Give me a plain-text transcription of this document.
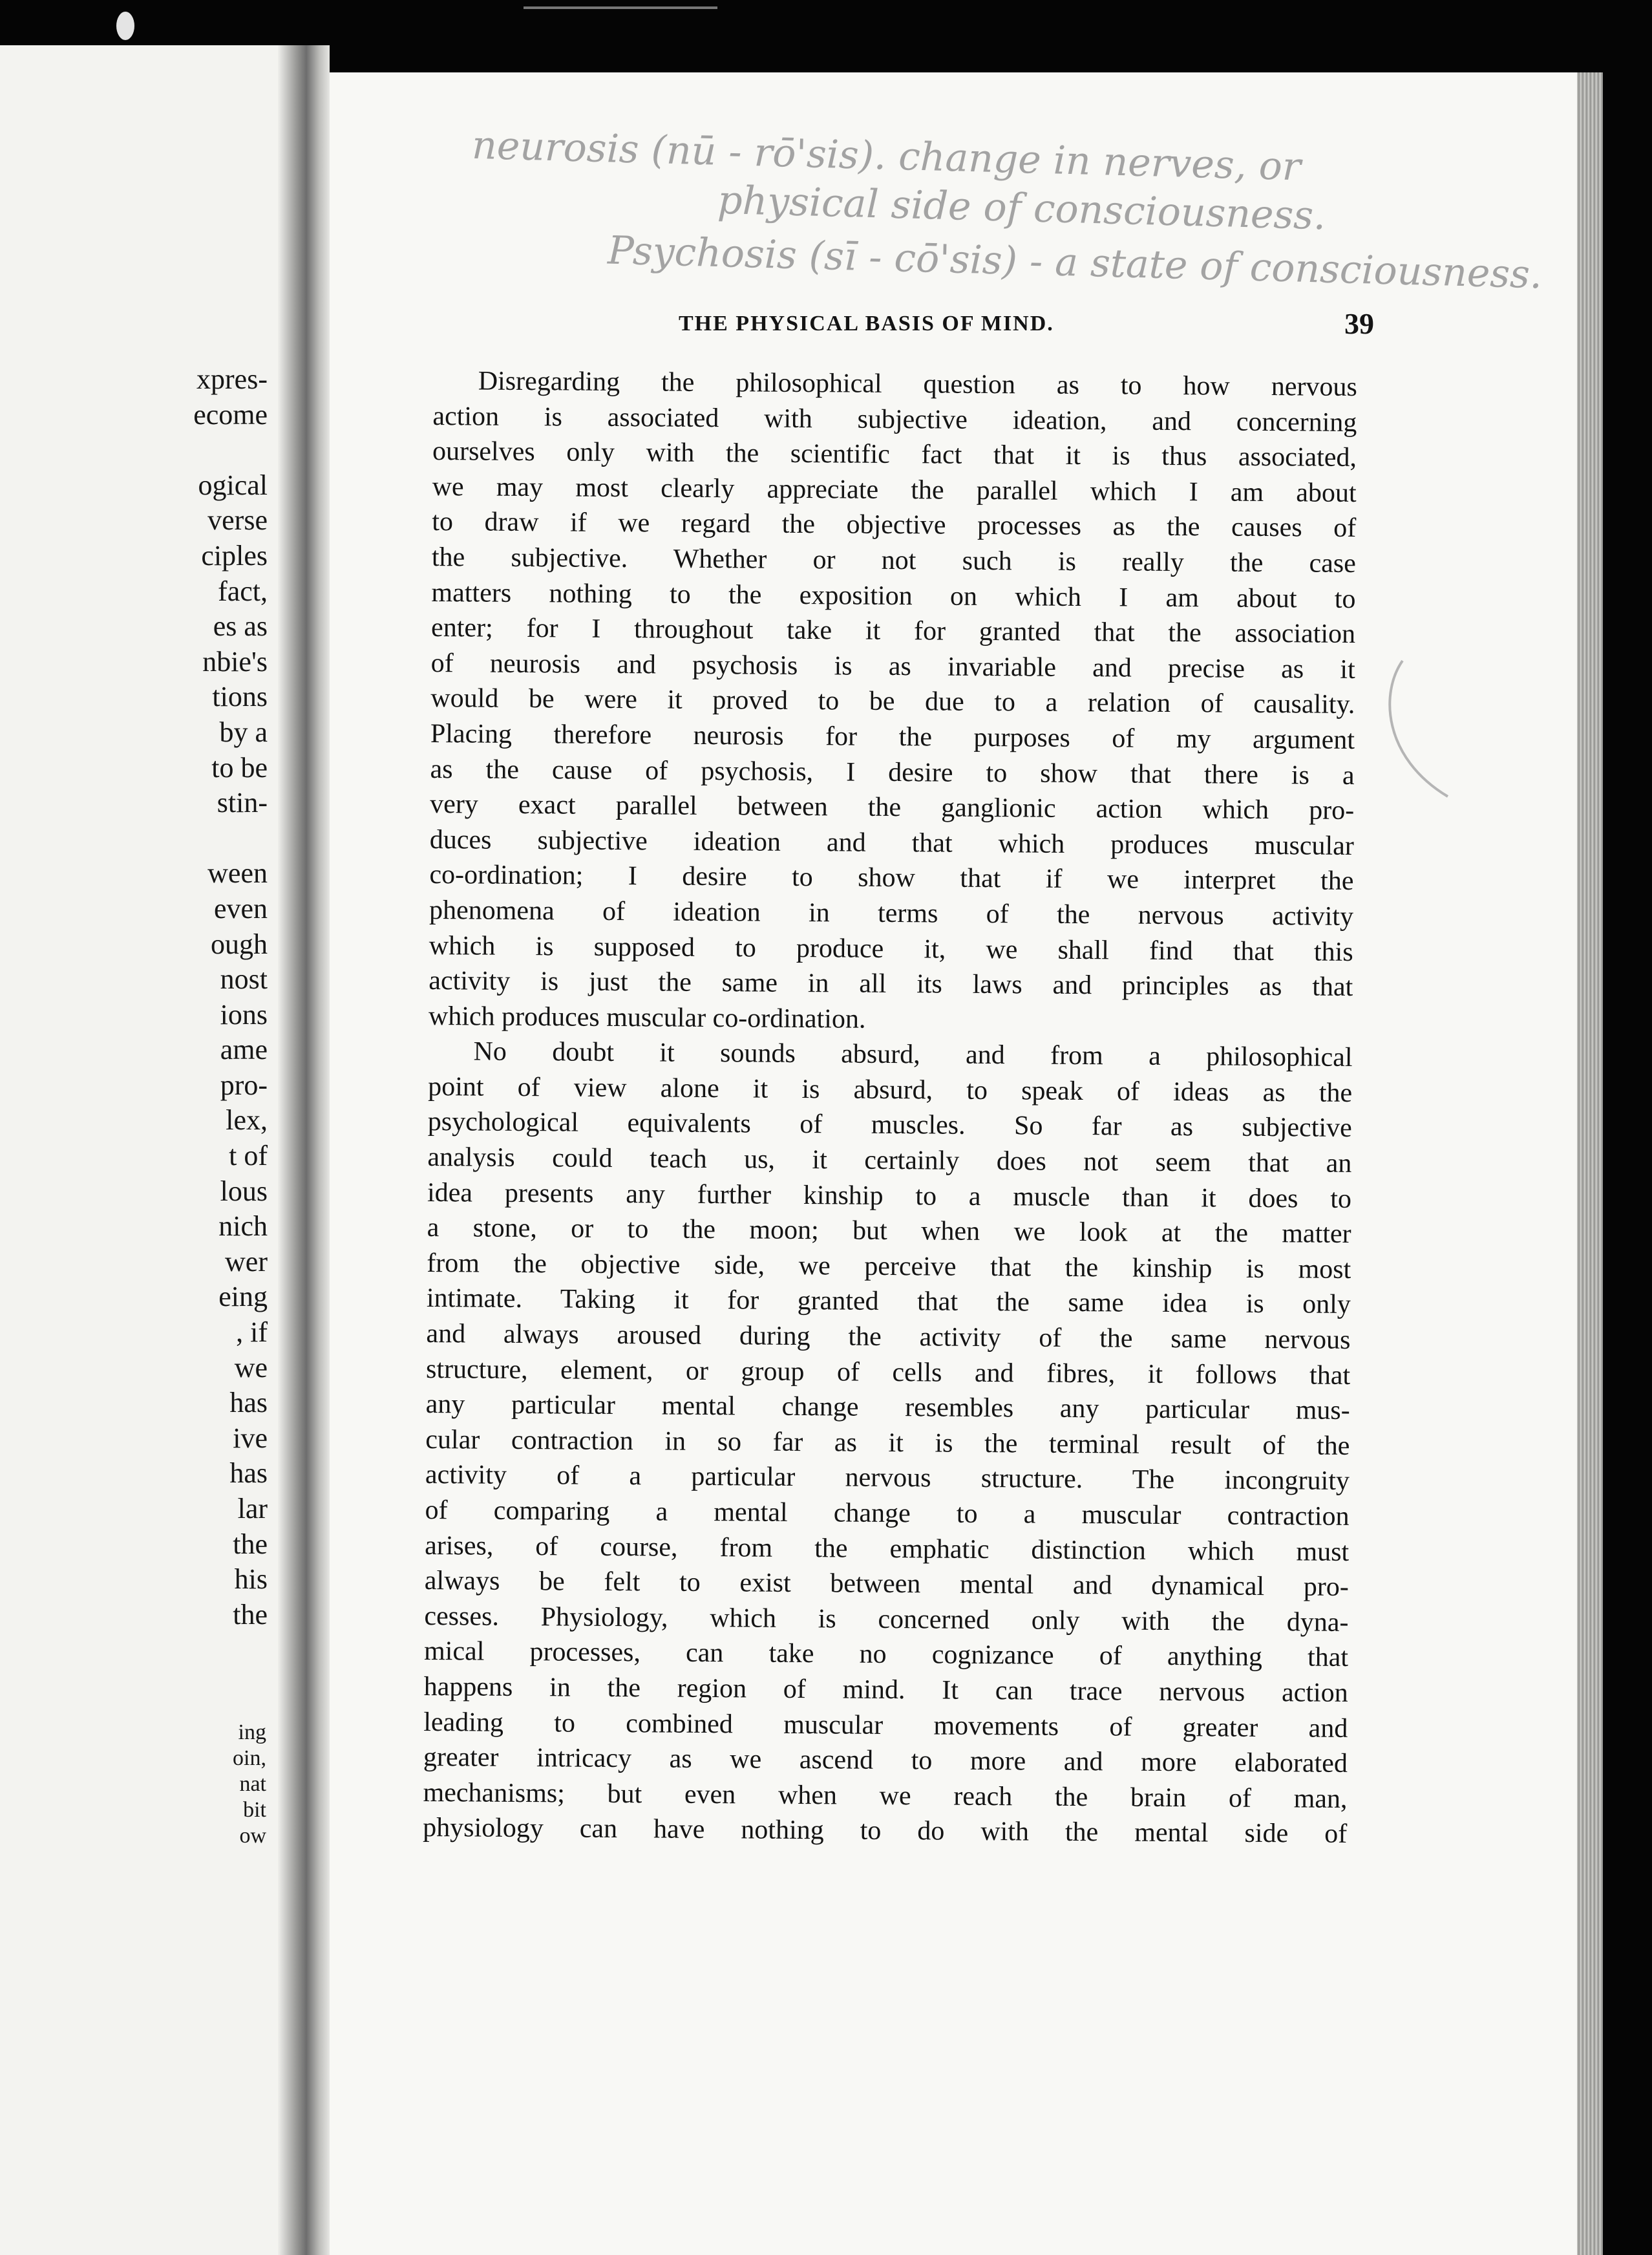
xpres-
ecome
ogical
verse
ciples
fact,
es as
nbie's
tions
by a
to be
stin-
ween
even
ough
nost
ions
ame
pro-
lex,
t of
lous
nich
wer
eing
, if
we
has
ive
has
lar
the
his
the
ing
oin,
nat
bit
ow
neurosis (nū - rō'sis). change in nerves, or
physical side of consciousness.
Psychosis (sī - cō'sis) - a state of consciousness.
THE PHYSICAL BASIS OF MIND.	39
Disregarding the philosophical question as to how nervous
action is associated with subjective ideation, and concerning
ourselves only with the scientific fact that it is thus associated,
we may most clearly appreciate the parallel which I am about
to draw if we regard the objective processes as the causes of
the subjective. Whether or not such is really the case
matters nothing to the exposition on which I am about to
enter; for I throughout take it for granted that the association
of neurosis and psychosis is as invariable and precise as it
would be were it proved to be due to a relation of causality.
Placing therefore neurosis for the purposes of my argument
as the cause of psychosis, I desire to show that there is a
very exact parallel between the ganglionic action which pro-
duces subjective ideation and that which produces muscular
co-ordination; I desire to show that if we interpret the
phenomena of ideation in terms of the nervous activity
which is supposed to produce it, we shall find that this
activity is just the same in all its laws and principles as that
which produces muscular co-ordination.
No doubt it sounds absurd, and from a philosophical
point of view alone it is absurd, to speak of ideas as the
psychological equivalents of muscles. So far as subjective
analysis could teach us, it certainly does not seem that an
idea presents any further kinship to a muscle than it does to
a stone, or to the moon; but when we look at the matter
from the objective side, we perceive that the kinship is most
intimate. Taking it for granted that the same idea is only
and always aroused during the activity of the same nervous
structure, element, or group of cells and fibres, it follows that
any particular mental change resembles any particular mus-
cular contraction in so far as it is the terminal result of the
activity of a particular nervous structure. The incongruity
of comparing a mental change to a muscular contraction
arises, of course, from the emphatic distinction which must
always be felt to exist between mental and dynamical pro-
cesses. Physiology, which is concerned only with the dyna-
mical processes, can take no cognizance of anything that
happens in the region of mind. It can trace nervous action
leading to combined muscular movements of greater and
greater intricacy as we ascend to more and more elaborated
mechanisms; but even when we reach the brain of man,
physiology can have nothing to do with the mental side of
